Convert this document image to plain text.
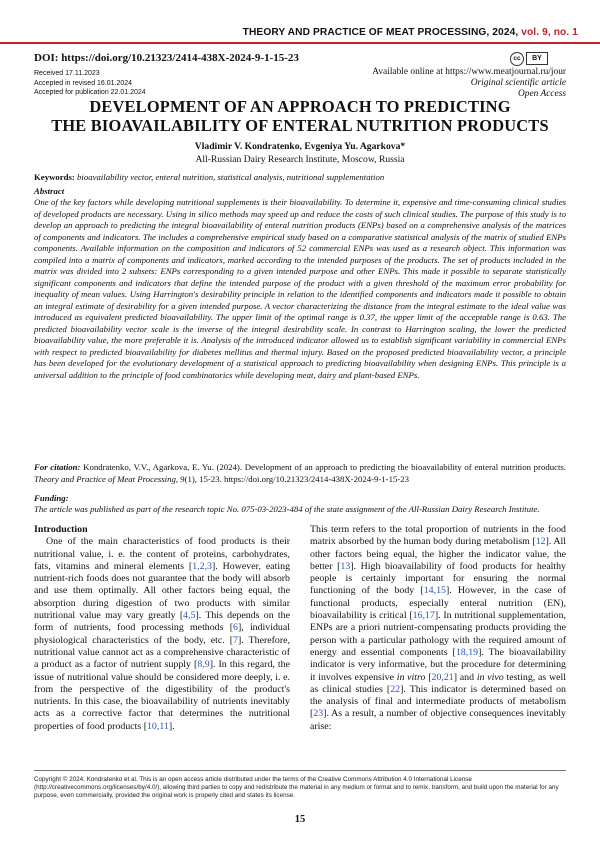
THEORY AND PRACTICE OF MEAT PROCESSING, 2024, vol. 9, no. 1
DOI: https://doi.org/10.21323/2414-438X-2024-9-1-15-23
Received 17.11.2023
Accepted in revised 16.01.2024
Accepted for publication 22.01.2024
cc	BY
Available online at https://www.meatjournal.ru/jour
Original scientific article
Open Access
DEVELOPMENT OF AN APPROACH TO PREDICTING
THE BIOAVAILABILITY OF ENTERAL NUTRITION PRODUCTS
Vladimir V. Kondratenko, Evgeniya Yu. Agarkova*
All-Russian Dairy Research Institute, Moscow, Russia
Keywords: bioavailability vector, enteral nutrition, statistical analysis, nutritional supplementation
Abstract
One of the key factors while developing nutritional supplements is their bioavailability. To determine it, expensive and time-consuming clinical studies of developed products are necessary. Using in silico methods may speed up and reduce the costs of such clinical studies. The purpose of this study is to develop an approach to predicting the integral bioavailability of enteral nutrition products (ENPs) based on a comprehensive analysis of the matrices of components and indicators. The includes a comprehensive empirical study based on a comparative statistical analysis of the matrix of studied ENPs components. Available information on the composition and indicators of 52 commercial ENPs was used as a research object. This information was compiled into a matrix of components and indicators, marked according to the intended purposes of the products. The set of products included in the matrix was divided into 2 subsets: ENPs corresponding to a given intended purpose and other ENPs. This made it possible to separate statistically significant components and indicators that define the intended purpose of the product with a given threshold of the maximum error probability for inequality of mean values. Using Harrington's desirability principle in relation to the identified components and indicators made it possible to obtain an integral estimate of desirability for a given intended purpose. A vector characterizing the distance from the integral estimate to the ideal value was introduced as equivalent predicted bioavailability. The upper limit of the optimal range is 0.37, the upper limit of the acceptable range is 0.63. The predicted bioavailability vector scale is the inverse of the integral desirability scale. In contrast to Harrington scaling, the lower the predicted bioavailability value, the more preferable it is. Analysis of the introduced indicator allowed us to establish significant variability in commercial ENPs with respect to predicted bioavailability for diabetes mellitus and thermal injury. Based on the proposed predicted bioavailability vector, a principle has been developed for the evolutionary development of a statistical approach to predicting bioavailability when designing ENPs. This principle is a universal addition to the principle of food combinatorics while developing meat, dairy and plant-based ENPs.
For citation: Kondratenko, V.V., Agarkova, E. Yu. (2024). Development of an approach to predicting the bioavailability of enteral nutrition products. Theory and Practice of Meat Processing, 9(1), 15-23. https://doi.org/10.21323/2414-438X-2024-9-1-15-23
Funding:
The article was published as part of the research topic No. 075-03-2023-484 of the state assignment of the All-Russian Dairy Research Institute.
Introduction

One of the main characteristics of food products is their nutritional value, i. e. the content of proteins, carbohydrates, fats, vitamins and mineral elements [1,2,3]. However, eating nutrient-rich foods does not guarantee that the body will absorb and use them optimally. All other factors being equal, the absorption during digestion of two products with similar nutritional value may vary greatly [4,5]. This depends on the form of nutrients, food processing methods [6], individual physiological characteristics of the body, etc. [7]. Therefore, nutritional value cannot act as a comprehensive characteristic of a product as a factor of nutrient supply [8,9]. In this regard, the issue of nutritional value should be considered more deeply, i. e. from the perspective of the digestibility of the product's nutrients. In this case, the bioavailability of nutrients inevitably acts as a corrective factor that determines the nutritional properties of food products [10,11].

This term refers to the total proportion of nutrients in the food matrix absorbed by the human body during metabolism [12]. All other factors being equal, the higher the indicator value, the better [13]. High bioavailability of food products for healthy people is certainly important for ensuring the normal functioning of the body [14,15]. However, in the case of functional products, especially enteral nutrition (EN), bioavailability is critical [16,17]. In nutritional supplementation, ENPs are a priori nutrient-compensating products providing the person with a particular pathology with the required amount of energy and essential components [18,19]. The bioavailability indicator is very informative, but the procedure for determining it involves expensive in vitro [20,21] and in vivo testing, as well as clinical studies [22]. This indicator is determined based on the analysis of final and intermediate products of metabolism [23]. As a result, a number of objective consequences inevitably arise:

Copyright © 2024, Kondratenko et al. This is an open access article distributed under the terms of the Creative Commons Attribution 4.0 International License (http://creativecommons.org/licenses/by/4.0/), allowing third parties to copy and redistribute the material in any medium or format and to remix, transform, and build upon the material for any purpose, even commercially, provided the original work is properly cited and states its license.
15
